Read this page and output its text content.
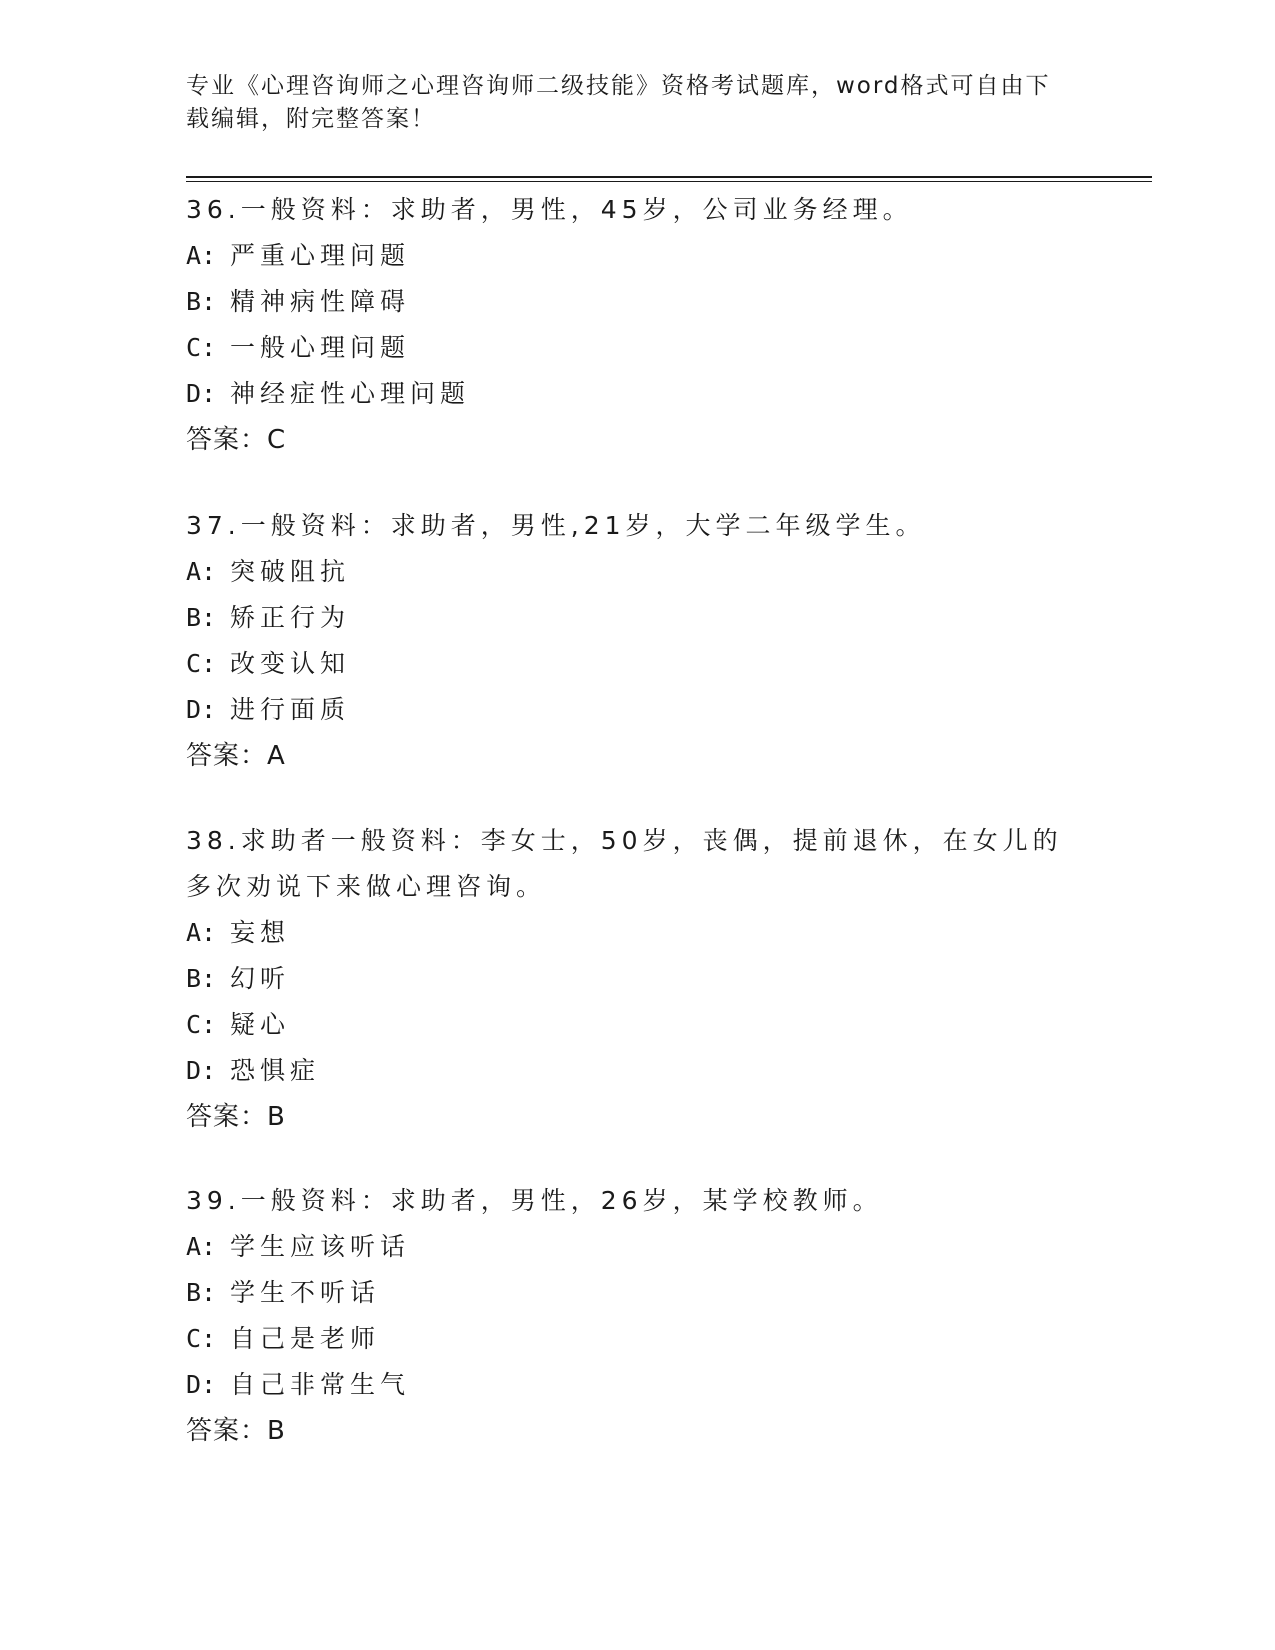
专业《心理咨询师之心理咨询师二级技能》资格考试题库，word格式可自由下载编辑，附完整答案！
36.一般资料：求助者，男性，45岁，公司业务经理。
A: 严重心理问题
B: 精神病性障碍
C: 一般心理问题
D: 神经症性心理问题
答案：C
37.一般资料：求助者，男性,21岁，大学二年级学生。
A: 突破阻抗
B: 矫正行为
C: 改变认知
D: 进行面质
答案：A
38.求助者一般资料：李女士，50岁，丧偶，提前退休，在女儿的多次劝说下来做心理咨询。
A: 妄想
B: 幻听
C: 疑心
D: 恐惧症
答案：B
39.一般资料：求助者，男性，26岁，某学校教师。
A: 学生应该听话
B: 学生不听话
C: 自己是老师
D: 自己非常生气
答案：B
